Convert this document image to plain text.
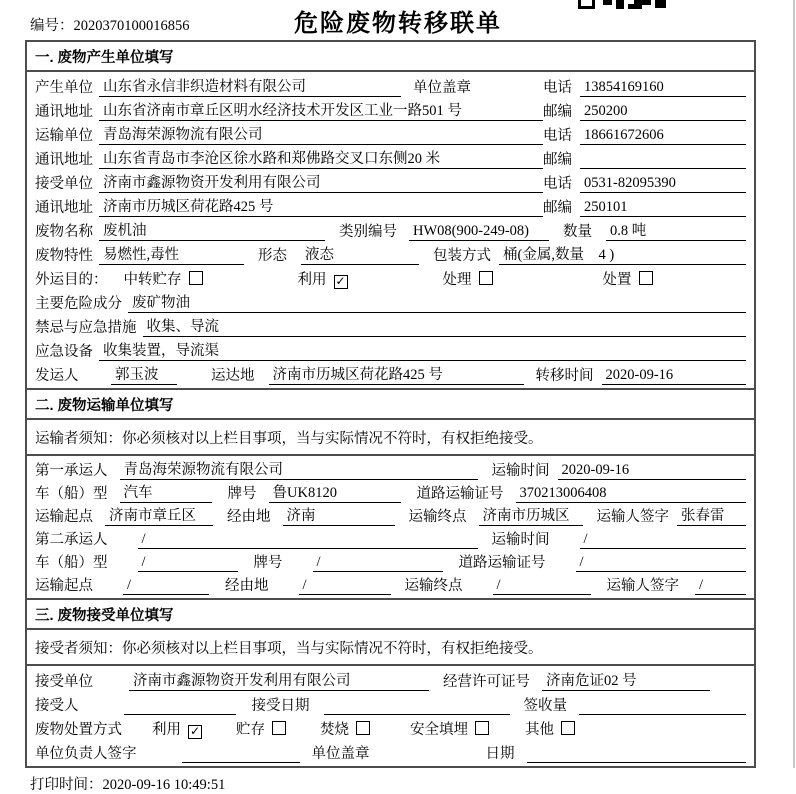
编号：2020370100016856	危险废物转移联单
一. 废物产生单位填写
产生单位 山东省永信非织造材料有限公司	单位盖章	电话 13854169160
通讯地址 山东省济南市章丘区明水经济技术开发区工业一路501 号	邮编 250200
运输单位 青岛海荣源物流有限公司	电话 18661672606
通讯地址 山东省青岛市李沧区徐水路和郑佛路交叉口东侧20 米	邮编
接受单位 济南市鑫源物资开发利用有限公司	电话 0531-82095390
通讯地址 济南市历城区荷花路425 号	邮编 250101
废物名称 废机油	类别编号 HW08(900-249-08)	数量 0.8 吨
废物特性 易燃性,毒性	形态 液态	包装方式 桶(金属,数量　4 )
外运目的： 中转贮存	利用 ✓	处理	处置
主要危险成分 废矿物油
禁忌与应急措施 收集、导流
应急设备 收集装置，导流渠
发运人	郭玉波	运达地 济南市历城区荷花路425 号	转移时间 2020-09-16
二. 废物运输单位填写
运输者须知：你必须核对以上栏目事项，当与实际情况不符时，有权拒绝接受。
第一承运人 青岛海荣源物流有限公司	运输时间 2020-09-16
车（船）型 汽车	牌号 鲁UK8120	道路运输证号 370213006408
运输起点 济南市章丘区	经由地 济南	运输终点 济南市历城区	运输人签字 张春雷
第二承运人 /	运输时间 /
车（船）型 /	牌号 /	道路运输证号 /
运输起点 /	经由地 /	运输终点 /	运输人签字 /
三. 废物接受单位填写
接受者须知：你必须核对以上栏目事项，当与实际情况不符时，有权拒绝接受。
接受单位	济南市鑫源物资开发利用有限公司	经营许可证号 济南危证02 号
接受人	接受日期	签收量
废物处置方式 利用 ✓ 贮存	焚烧	安全填埋	其他
单位负责人签字	单位盖章	日期
打印时间：2020-09-16 10:49:51
